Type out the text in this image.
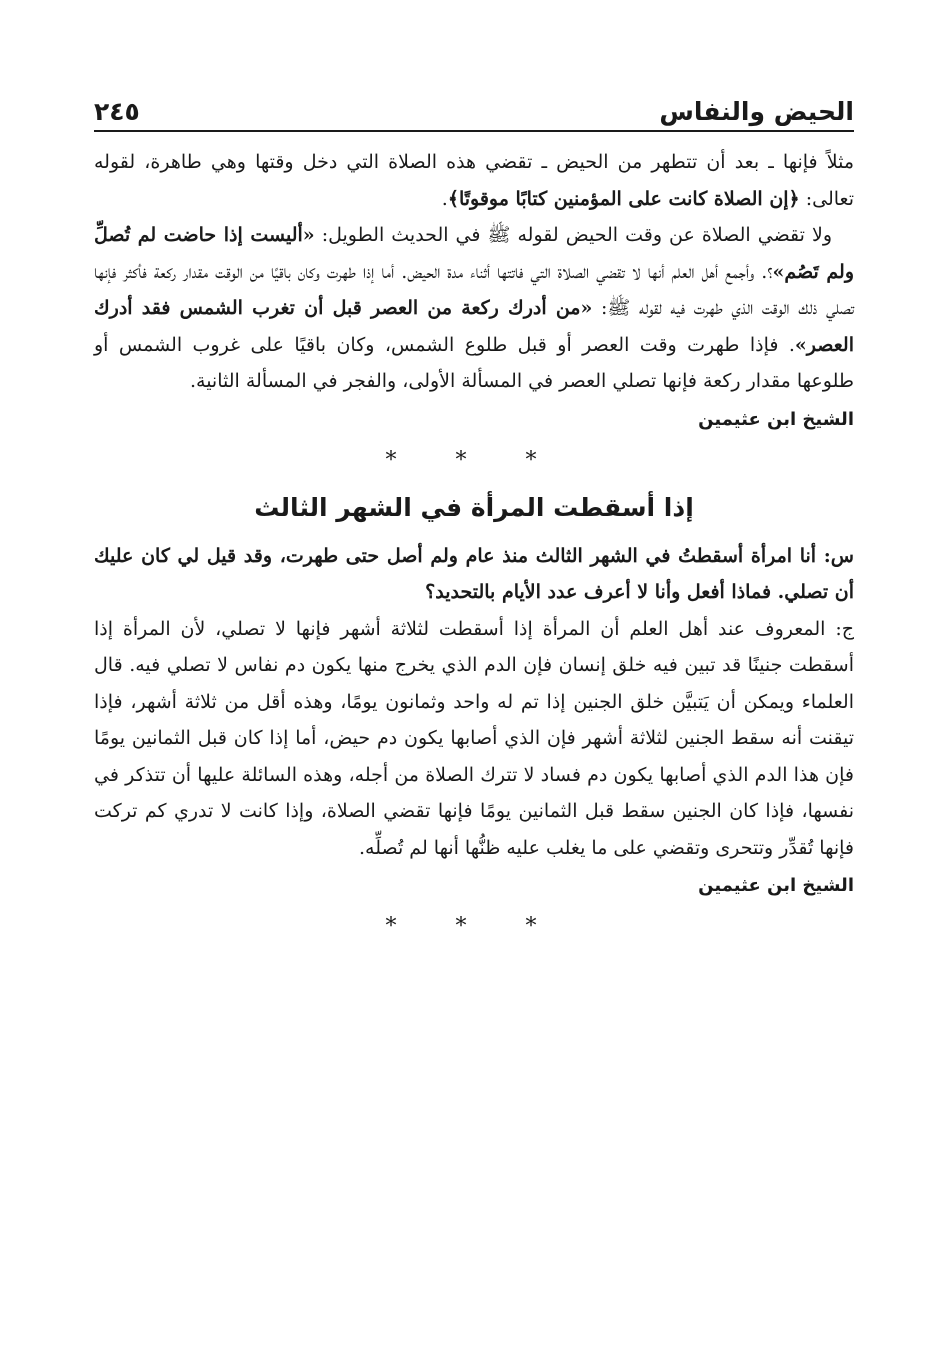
الحيض والنفاس
٢٤٥

مثلاً فإنها ـ بعد أن تتطهر من الحيض ـ تقضي هذه الصلاة التي دخل وقتها وهي طاهرة، لقوله تعالى: ﴿إن الصلاة كانت على المؤمنين كتابًا موقوتًا﴾.

ولا تقضي الصلاة عن وقت الحيض لقوله ﷺ في الحديث الطويل: «أليست إذا حاضت لم تُصلِّ ولم تَصُم»؟. وأجمع أهل العلم أنها لا تقضي الصلاة التي فاتتها أثناء مدة الحيض. أما إذا طهرت وكان باقيًا من الوقت مقدار ركعة فأكثر فإنها تصلي ذلك الوقت الذي طهرت فيه لقوله ﷺ: «من أدرك ركعة من العصر قبل أن تغرب الشمس فقد أدرك العصر». فإذا طهرت وقت العصر أو قبل طلوع الشمس، وكان باقيًا على غروب الشمس أو طلوعها مقدار ركعة فإنها تصلي العصر في المسألة الأولى، والفجر في المسألة الثانية.

الشيخ ابن عثيمين

* * *
إذا أسقطت المرأة في الشهر الثالث

س: أنا امرأة أسقطتُ في الشهر الثالث منذ عام ولم أصل حتى طهرت، وقد قيل لي كان عليك أن تصلي. فماذا أفعل وأنا لا أعرف عدد الأيام بالتحديد؟

ج: المعروف عند أهل العلم أن المرأة إذا أسقطت لثلاثة أشهر فإنها لا تصلي، لأن المرأة إذا أسقطت جنينًا قد تبين فيه خلق إنسان فإن الدم الذي يخرج منها يكون دم نفاس لا تصلي فيه. قال العلماء ويمكن أن يَتبيَّن خلق الجنين إذا تم له واحد وثمانون يومًا، وهذه أقل من ثلاثة أشهر، فإذا تيقنت أنه سقط الجنين لثلاثة أشهر فإن الذي أصابها يكون دم حيض، أما إذا كان قبل الثمانين يومًا فإن هذا الدم الذي أصابها يكون دم فساد لا تترك الصلاة من أجله، وهذه السائلة عليها أن تتذكر في نفسها، فإذا كان الجنين سقط قبل الثمانين يومًا فإنها تقضي الصلاة، وإذا كانت لا تدري كم تركت فإنها تُقدِّر وتتحرى وتقضي على ما يغلب عليه ظنُّها أنها لم تُصلِّه.

الشيخ ابن عثيمين

* * *
